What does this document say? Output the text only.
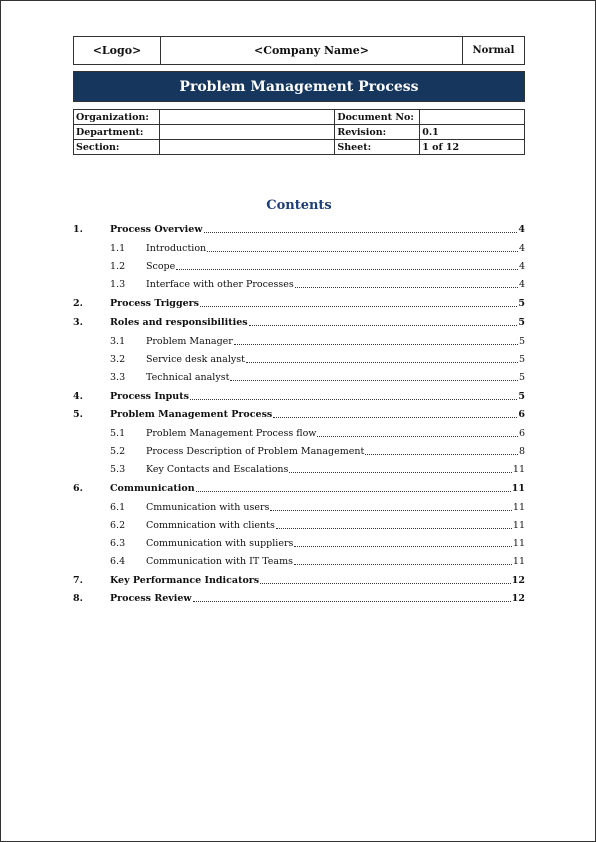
<Logo>	<Company Name>	Normal
Problem Management Process
Organization:		Document No:	
Department:		Revision:	0.1
Section:		Sheet:	1 of 12
Contents
1.	Process Overview	4
1.1 Introduction	4
1.2 Scope	4
1.3 Interface with other Processes	4
2.	Process Triggers	5
3.	Roles and responsibilities	5
3.1 Problem Manager	5
3.2 Service desk analyst	5
3.3 Technical analyst	5
4.	Process Inputs	5
5.	Problem Management Process	6
5.1 Problem Management Process flow	6
5.2 Process Description of Problem Management	8
5.3 Key Contacts and Escalations	11
6.	Communication	11
6.1 Cmmunication with users	11
6.2 Commnication with clients	11
6.3 Communication with suppliers	11
6.4 Communication with IT Teams	11
7.	Key Performance Indicators	12
8.	Process Review	12
